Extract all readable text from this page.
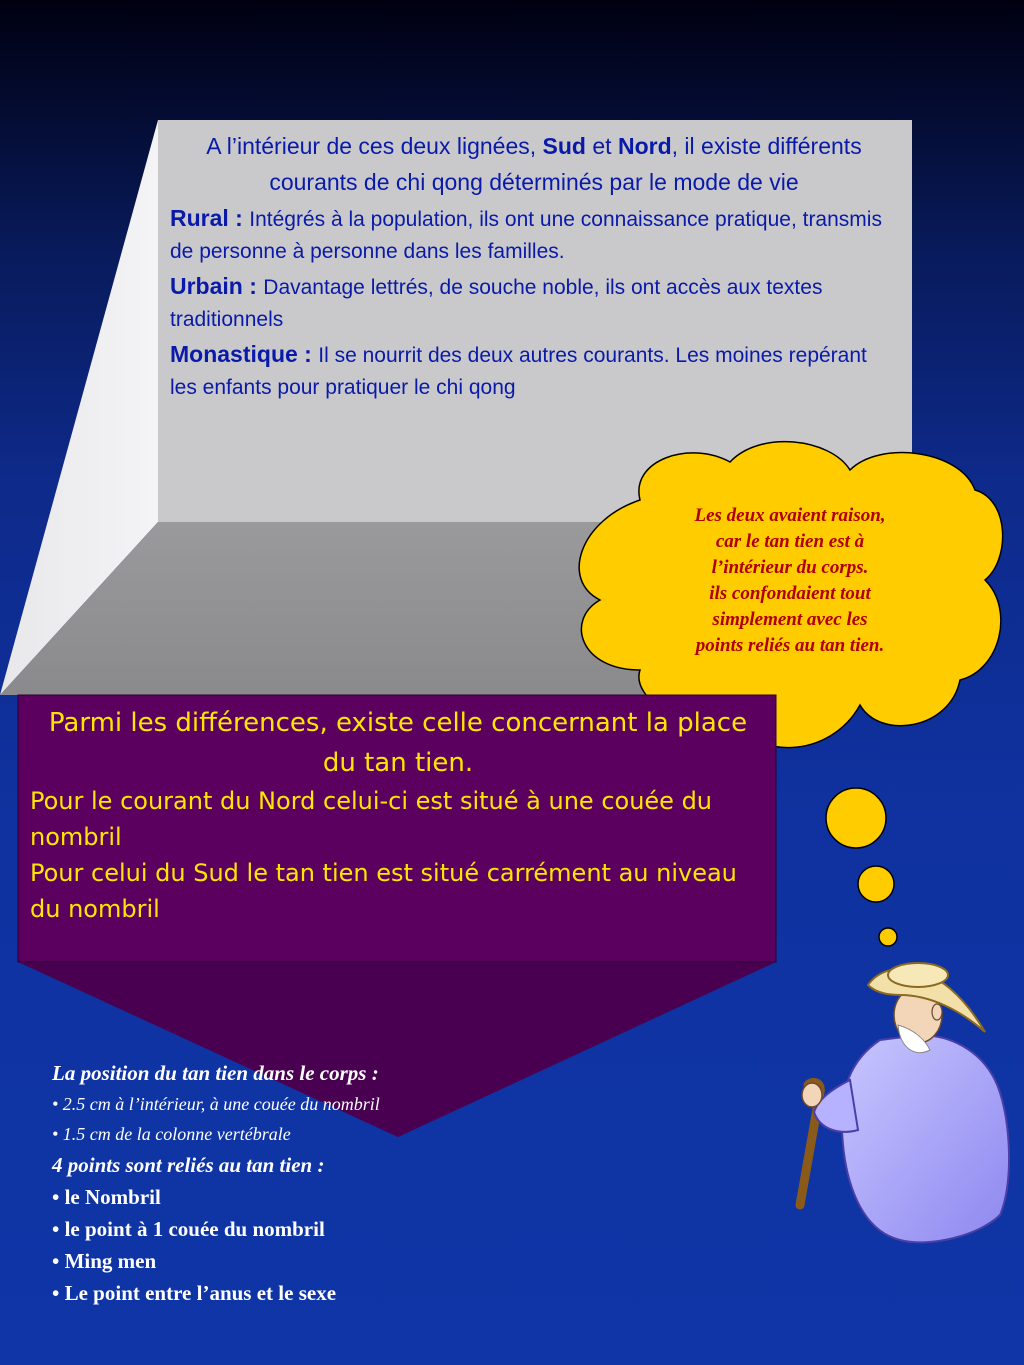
A l’intérieur de ces deux lignées, Sud et Nord, il existe différents courants de chi qong déterminés par le mode de vie
Rural : Intégrés à la population, ils ont une connaissance pratique, transmis de personne à personne dans les familles.
Urbain : Davantage lettrés, de souche noble, ils ont accès aux textes traditionnels
Monastique : Il se nourrit des deux autres courants. Les moines repérant les enfants pour pratiquer le chi qong
Les deux avaient raison,
car le tan tien est à
l’intérieur du corps.
ils confondaient tout
simplement avec les
points reliés au tan tien.
Parmi les différences, existe celle concernant la place du tan tien.
Pour le courant du Nord celui-ci est situé à une couée du nombril
Pour celui du Sud le tan tien est situé carrément au niveau du nombril
La position du tan tien dans le corps :
• 2.5 cm à l’intérieur, à une couée du nombril
• 1.5 cm de la colonne vertébrale
4 points sont reliés au tan tien :
• le Nombril
• le point à 1 couée du nombril
• Ming men
• Le point entre l’anus et le sexe
